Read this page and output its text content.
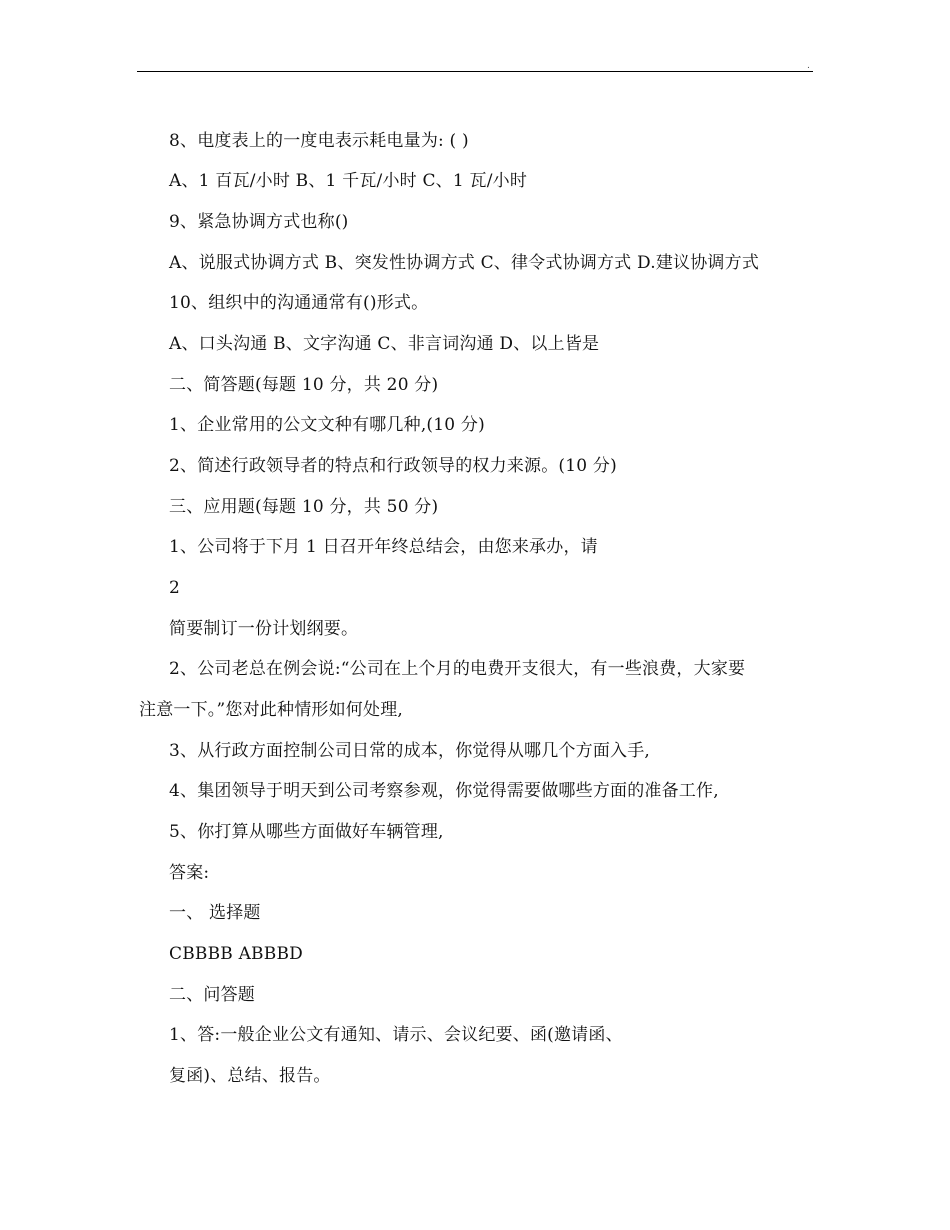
.
8、电度表上的一度电表示耗电量为: ( )
A、1 百瓦/小时 B、1 千瓦/小时 C、1 瓦/小时
9、紧急协调方式也称()
A、说服式协调方式 B、突发性协调方式 C、律令式协调方式 D.建议协调方式
10、组织中的沟通通常有()形式。
A、口头沟通 B、文字沟通 C、非言词沟通 D、以上皆是
二、简答题(每题 10 分，共 20 分)
1、企业常用的公文文种有哪几种,(10 分)
2、简述行政领导者的特点和行政领导的权力来源。(10 分)
三、应用题(每题 10 分，共 50 分)
1、公司将于下月 1 日召开年终总结会，由您来承办，请
2
简要制订一份计划纲要。
2、公司老总在例会说:“公司在上个月的电费开支很大，有一些浪费，大家要
注意一下。”您对此种情形如何处理,
3、从行政方面控制公司日常的成本，你觉得从哪几个方面入手,
4、集团领导于明天到公司考察参观，你觉得需要做哪些方面的准备工作,
5、你打算从哪些方面做好车辆管理,
答案:
一、 选择题
CBBBB ABBBD
二、问答题
1、答:一般企业公文有通知、请示、会议纪要、函(邀请函、
复函)、总结、报告。
